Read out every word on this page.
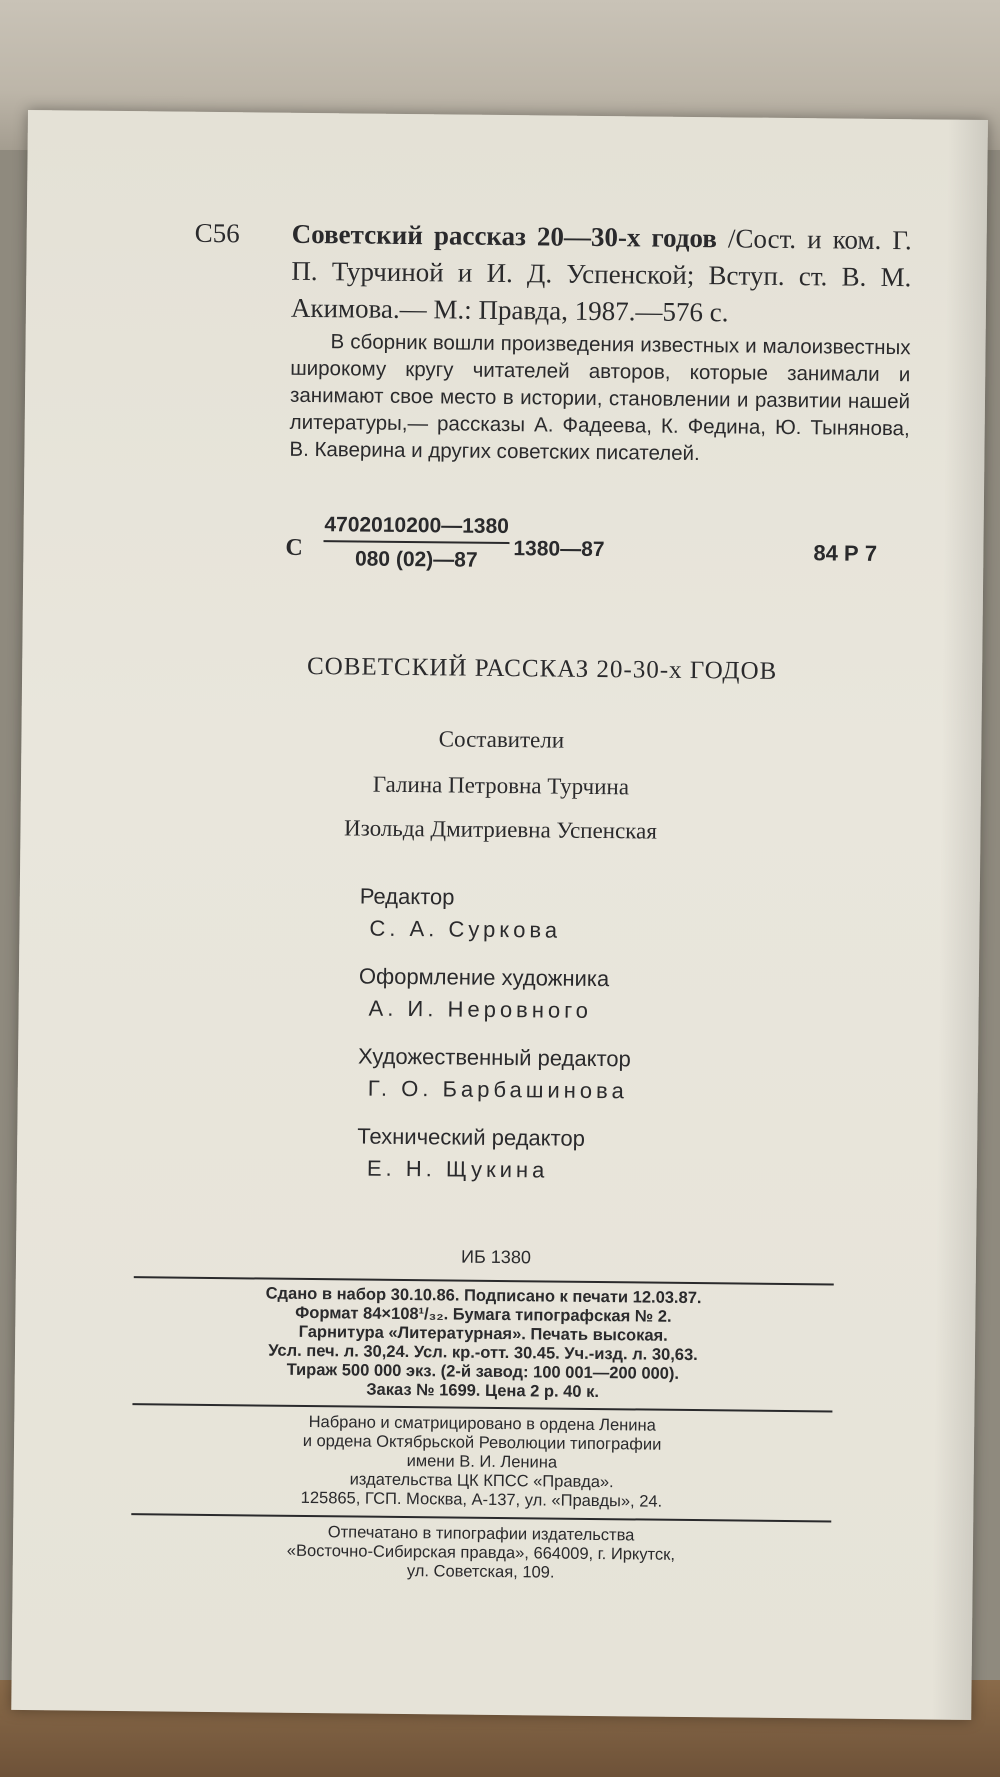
С56 Советский рассказ 20—30-х годов /Сост. и ком. Г. П. Турчиной и И. Д. Успенской; Вступ. ст. В. М. Акимова.— М.: Правда, 1987.—576 с.
В сборник вошли произведения известных и малоизвестных широкому кругу читателей авторов, которые занимали и занимают свое место в истории, становлении и развитии нашей литературы,— рассказы А. Фадеева, К. Федина, Ю. Тынянова, В. Каверина и других советских писателей.
С $\frac{4702010200—1380}{080 (02)—87}$ 1380—87	84 Р 7
СОВЕТСКИЙ РАССКАЗ 20-30-х ГОДОВ
Составители
Галина Петровна Турчина
Изольда Дмитриевна Успенская
Редактор
С. А. Суркова
Оформление художника
А. И. Неровного
Художественный редактор
Г. О. Барбашинова
Технический редактор
Е. Н. Щукина
ИБ 1380
Сдано в набор 30.10.86. Подписано к печати 12.03.87.
Формат 84×108¹/₃₂. Бумага типографская № 2.
Гарнитура «Литературная». Печать высокая.
Усл. печ. л. 30,24. Усл. кр.-отт. 30.45. Уч.-изд. л. 30,63.
Тираж 500 000 экз. (2-й завод: 100 001—200 000).
Заказ № 1699. Цена 2 р. 40 к.
Набрано и сматрицировано в ордена Ленина
и ордена Октябрьской Революции типографии
имени В. И. Ленина
издательства ЦК КПСС «Правда».
125865, ГСП. Москва, А-137, ул. «Правды», 24.
Отпечатано в типографии издательства
«Восточно-Сибирская правда», 664009, г. Иркутск,
ул. Советская, 109.
